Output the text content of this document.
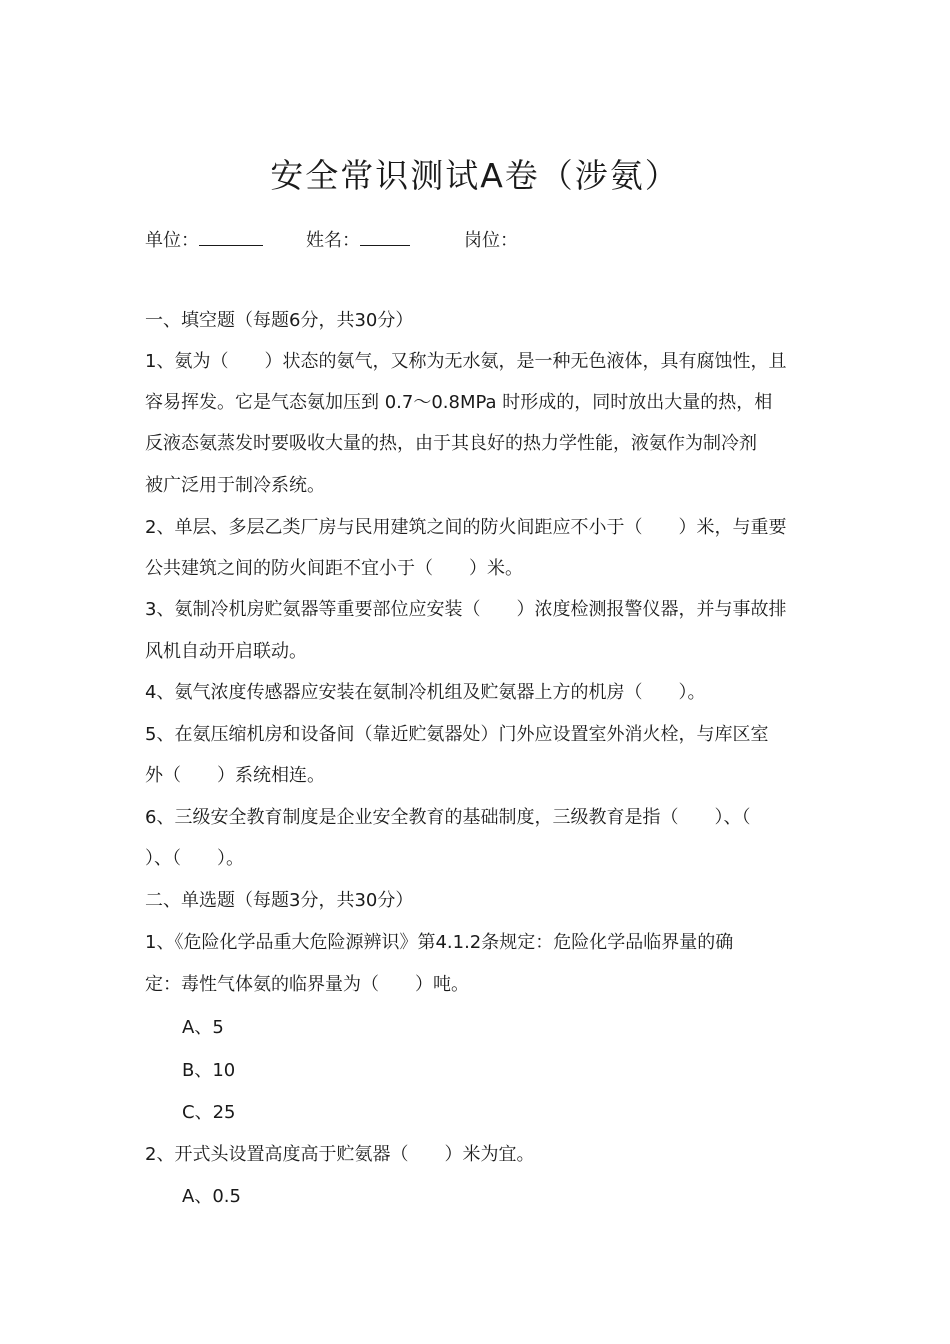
安全常识测试A卷（涉氨）
单位：	姓名：	岗位：
一、填空题（每题6分，共30分）
1、氨为（　　）状态的氨气，又称为无水氨，是一种无色液体，具有腐蚀性，且
容易挥发。它是气态氨加压到 0.7～0.8MPa 时形成的，同时放出大量的热，相
反液态氨蒸发时要吸收大量的热，由于其良好的热力学性能，液氨作为制冷剂
被广泛用于制冷系统。
2、单层、多层乙类厂房与民用建筑之间的防火间距应不小于（　　）米，与重要
公共建筑之间的防火间距不宜小于（　　）米。
3、氨制冷机房贮氨器等重要部位应安装（　　）浓度检测报警仪器，并与事故排
风机自动开启联动。
4、氨气浓度传感器应安装在氨制冷机组及贮氨器上方的机房（　　）。
5、在氨压缩机房和设备间（靠近贮氨器处）门外应设置室外消火栓，与库区室
外（　　）系统相连。
6、三级安全教育制度是企业安全教育的基础制度，三级教育是指（　　）、（
）、（　　）。
二、单选题（每题3分，共30分）
1、《危险化学品重大危险源辨识》第4.1.2条规定：危险化学品临界量的确
定：毒性气体氨的临界量为（　　）吨。
A、5
B、10
C、25
2、开式头设置高度高于贮氨器（　　）米为宜。
A、0.5
